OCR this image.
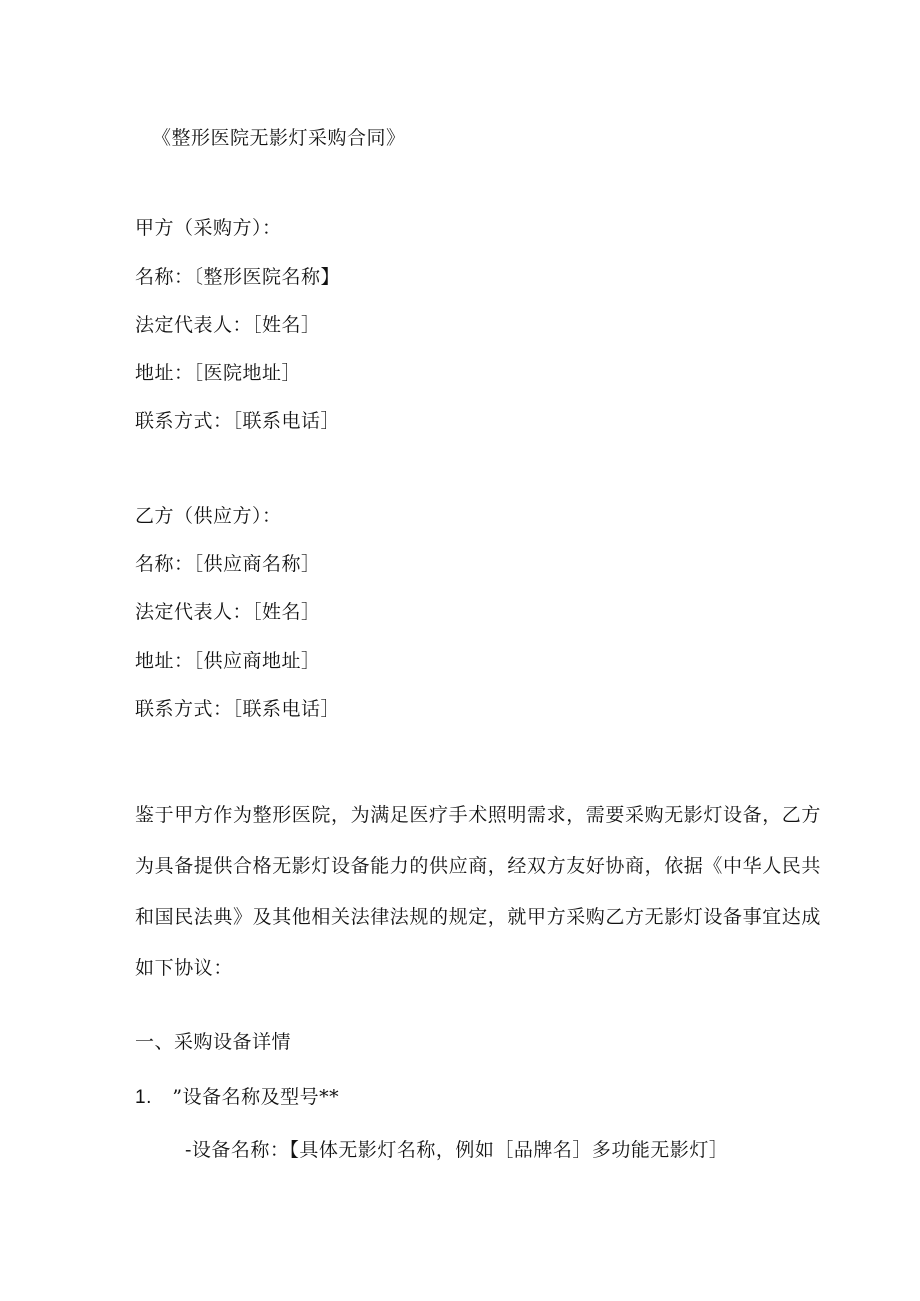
《整形医院无影灯采购合同》
甲方（采购方）：
名称：〔整形医院名称】
法定代表人：［姓名］
地址：［医院地址］
联系方式：［联系电话］
乙方（供应方）：
名称：［供应商名称］
法定代表人：［姓名］
地址：［供应商地址］
联系方式：［联系电话］
鉴于甲方作为整形医院，为满足医疗手术照明需求，需要采购无影灯设备，乙方
为具备提供合格无影灯设备能力的供应商，经双方友好协商，依据《中华人民共
和国民法典》及其他相关法律法规的规定，就甲方采购乙方无影灯设备事宜达成
如下协议：
一、采购设备详情
1. ”设备名称及型号**
-设备名称：【具体无影灯名称，例如［品牌名］多功能无影灯］
